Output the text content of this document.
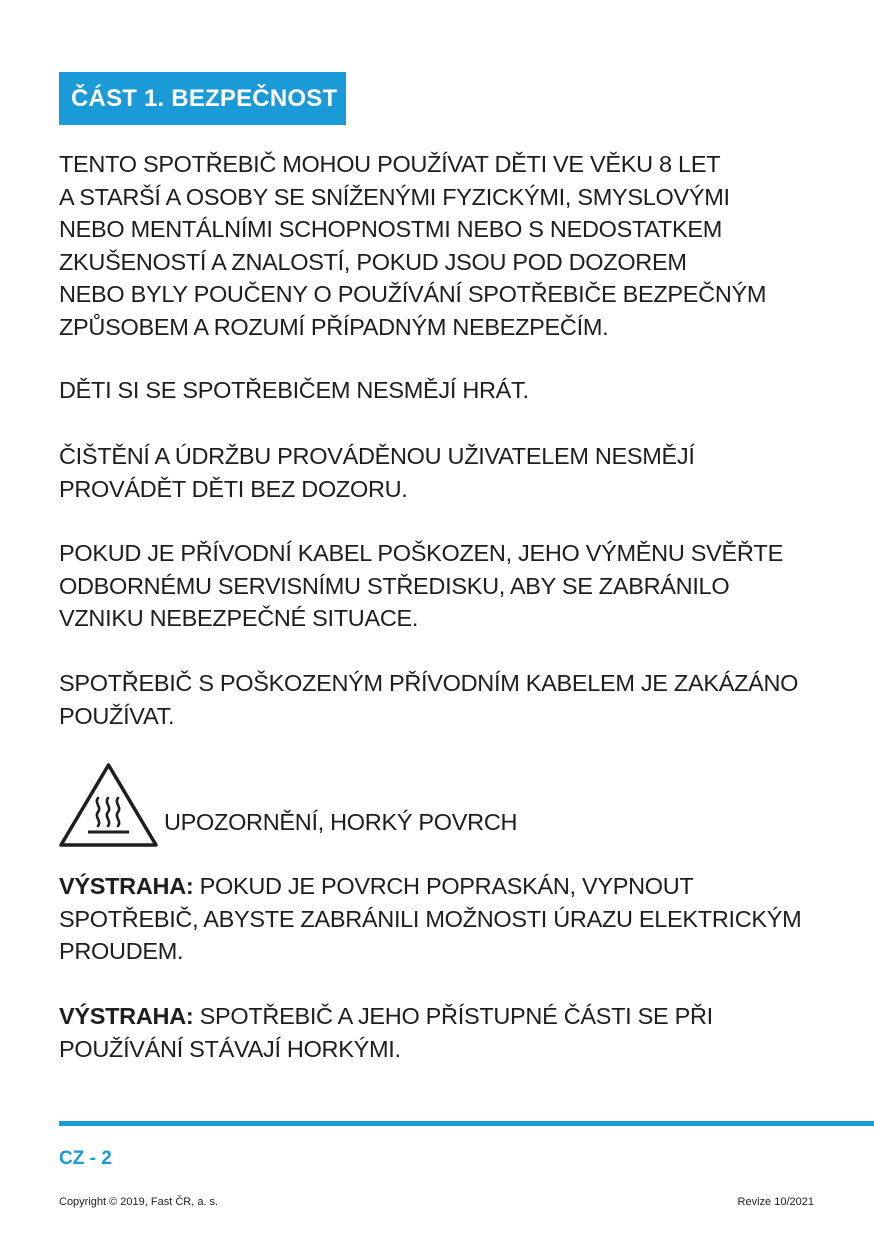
ČÁST 1. BEZPEČNOST

TENTO SPOTŘEBIČ MOHOU POUŽÍVAT DĚTI VE VĚKU 8 LET
A STARŠÍ A OSOBY SE SNÍŽENÝMI FYZICKÝMI, SMYSLOVÝMI
NEBO MENTÁLNÍMI SCHOPNOSTMI NEBO S NEDOSTATKEM
ZKUŠENOSTÍ A ZNALOSTÍ, POKUD JSOU POD DOZOREM
NEBO BYLY POUČENY O POUŽÍVÁNÍ SPOTŘEBIČE BEZPEČNÝM
ZPŮSOBEM A ROZUMÍ PŘÍPADNÝM NEBEZPEČÍM.

DĚTI SI SE SPOTŘEBIČEM NESMĚJÍ HRÁT.

ČIŠTĚNÍ A ÚDRŽBU PROVÁDĚNOU UŽIVATELEM NESMĚJÍ
PROVÁDĚT DĚTI BEZ DOZORU.

POKUD JE PŘÍVODNÍ KABEL POŠKOZEN, JEHO VÝMĚNU SVĚŘTE
ODBORNÉMU SERVISNÍMU STŘEDISKU, ABY SE ZABRÁNILO
VZNIKU NEBEZPEČNÉ SITUACE.

SPOTŘEBIČ S POŠKOZENÝM PŘÍVODNÍM KABELEM JE ZAKÁZÁNO
POUŽÍVAT.

UPOZORNĚNÍ, HORKÝ POVRCH

VÝSTRAHA: POKUD JE POVRCH POPRASKÁN, VYPNOUT
SPOTŘEBIČ, ABYSTE ZABRÁNILI MOŽNOSTI ÚRAZU ELEKTRICKÝM
PROUDEM.

VÝSTRAHA: SPOTŘEBIČ A JEHO PŘÍSTUPNÉ ČÁSTI SE PŘI
POUŽÍVÁNÍ STÁVAJÍ HORKÝMI.

CZ - 2
Copyright © 2019, Fast ČR, a. s.	Revize 10/2021
